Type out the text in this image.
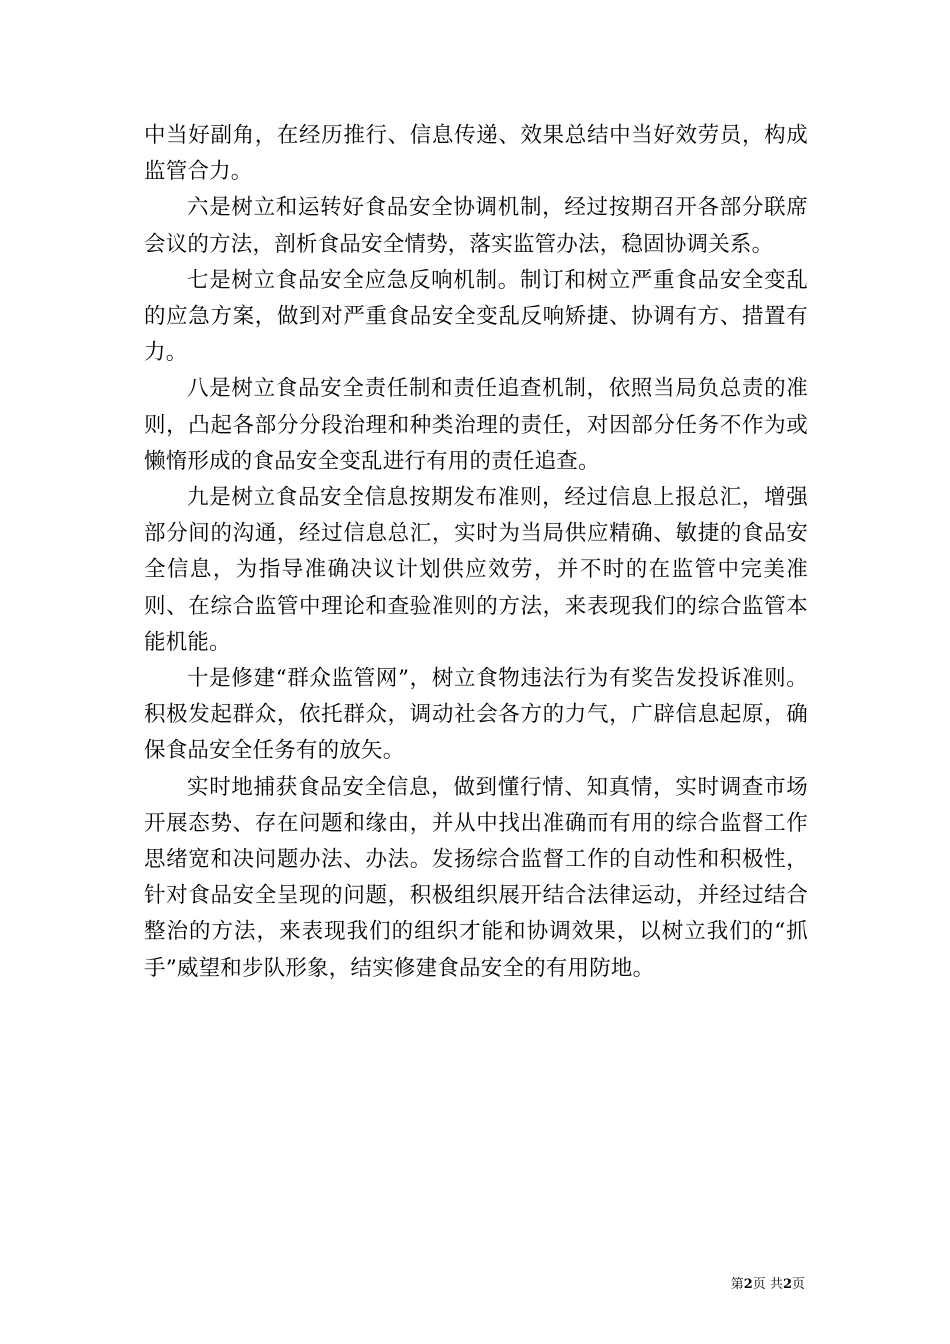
中当好副角，在经历推行、信息传递、效果总结中当好效劳员，构成监管合力。

六是树立和运转好食品安全协调机制，经过按期召开各部分联席会议的方法，剖析食品安全情势，落实监管办法，稳固协调关系。

七是树立食品安全应急反响机制。制订和树立严重食品安全变乱的应急方案，做到对严重食品安全变乱反响矫捷、协调有方、措置有力。

八是树立食品安全责任制和责任追查机制，依照当局负总责的准则，凸起各部分分段治理和种类治理的责任，对因部分任务不作为或懒惰形成的食品安全变乱进行有用的责任追查。

九是树立食品安全信息按期发布准则，经过信息上报总汇，增强部分间的沟通，经过信息总汇，实时为当局供应精确、敏捷的食品安全信息，为指导准确决议计划供应效劳，并不时的在监管中完美准则、在综合监管中理论和查验准则的方法，来表现我们的综合监管本能机能。

十是修建“群众监管网”，树立食物违法行为有奖告发投诉准则。积极发起群众，依托群众，调动社会各方的力气，广辟信息起原，确保食品安全任务有的放矢。

实时地捕获食品安全信息，做到懂行情、知真情，实时调查市场开展态势、存在问题和缘由，并从中找出准确而有用的综合监督工作思绪宽和决问题办法、办法。发扬综合监督工作的自动性和积极性，针对食品安全呈现的问题，积极组织展开结合法律运动，并经过结合整治的方法，来表现我们的组织才能和协调效果，以树立我们的“抓手”威望和步队形象，结实修建食品安全的有用防地。

第2页 共2页
